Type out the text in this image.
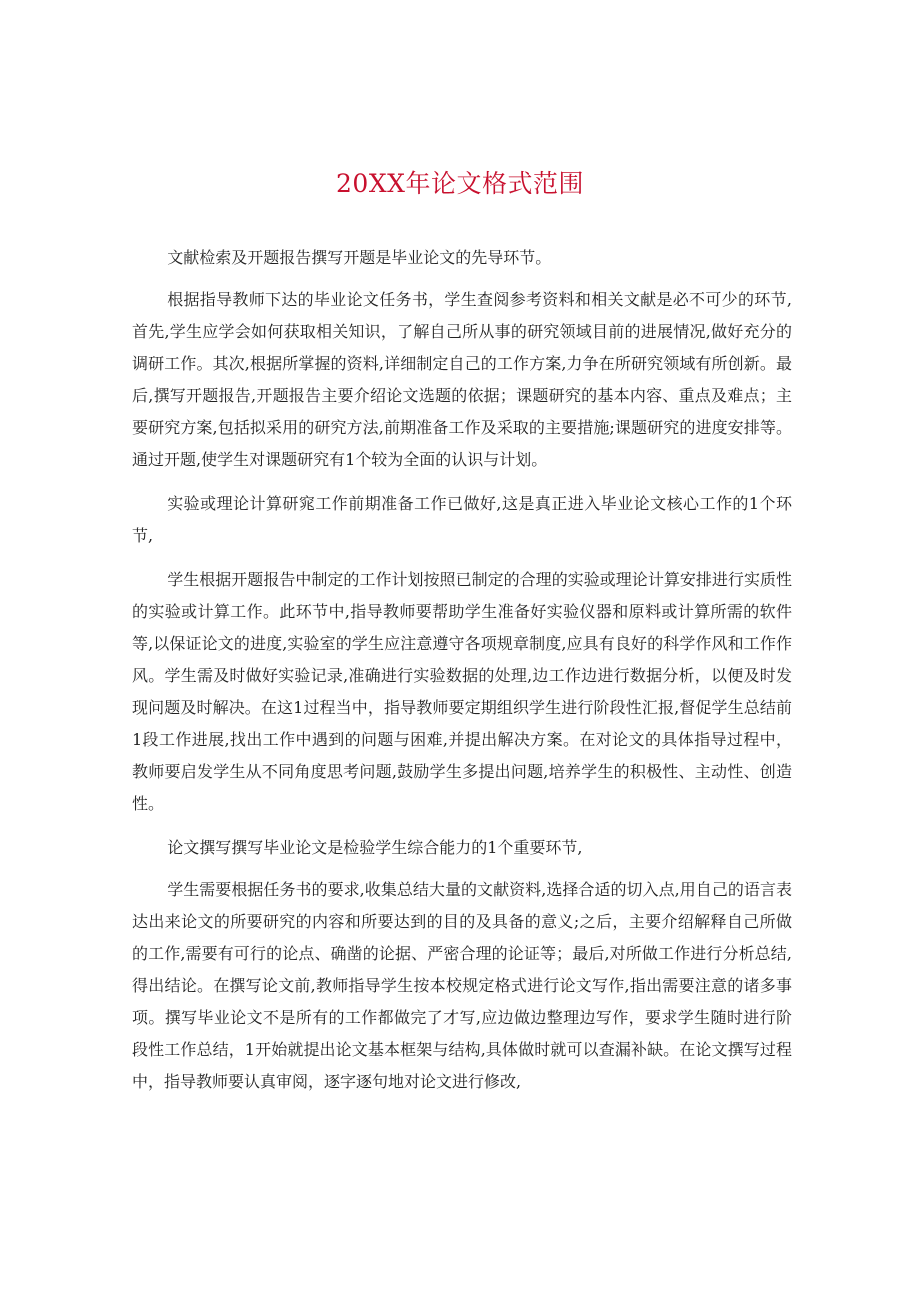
20XX年论文格式范围

文献检索及开题报告撰写开题是毕业论文的先导环节。

根据指导教师下达的毕业论文任务书，学生查阅参考资料和相关文献是必不可少的环节,首先,学生应学会如何获取相关知识，了解自己所从事的研究领域目前的进展情况,做好充分的调研工作。其次,根据所掌握的资料,详细制定自己的工作方案,力争在所研究领域有所创新。最后,撰写开题报告,开题报告主要介绍论文选题的依据；课题研究的基本内容、重点及难点；主要研究方案,包括拟采用的研究方法,前期准备工作及采取的主要措施;课题研究的进度安排等。通过开题,使学生对课题研究有1个较为全面的认识与计划。

实验或理论计算研窕工作前期准备工作已做好,这是真正进入毕业论文核心工作的1个环节,

学生根据开题报告中制定的工作计划按照已制定的合理的实验或理论计算安排进行实质性的实验或计算工作。此环节中,指导教师要帮助学生准备好实验仪器和原料或计算所需的软件等,以保证论文的进度,实验室的学生应注意遵守各项规章制度,应具有良好的科学作风和工作作风。学生需及时做好实验记录,准确进行实验数据的处理,边工作边进行数据分析，以便及时发现问题及时解决。在这1过程当中，指导教师要定期组织学生进行阶段性汇报,督促学生总结前1段工作进展,找出工作中遇到的问题与困难,并提出解决方案。在对论文的具体指导过程中，教师要启发学生从不同角度思考问题,鼓励学生多提出问题,培养学生的积极性、主动性、创造性。

论文撰写撰写毕业论文是检验学生综合能力的1个重要环节,

学生需要根据任务书的要求,收集总结大量的文献资料,选择合适的切入点,用自己的语言表达出来论文的所要研究的内容和所要达到的目的及具备的意义;之后，主要介绍解释自己所做的工作,需要有可行的论点、确凿的论据、严密合理的论证等；最后,对所做工作进行分析总结,得出结论。在撰写论文前,教师指导学生按本校规定格式进行论文写作,指出需要注意的诸多事项。撰写毕业论文不是所有的工作都做完了才写,应边做边整理边写作，要求学生随时进行阶段性工作总结，1开始就提出论文基本框架与结构,具体做时就可以查漏补缺。在论文撰写过程中，指导教师要认真审阅，逐字逐句地对论文进行修改,
